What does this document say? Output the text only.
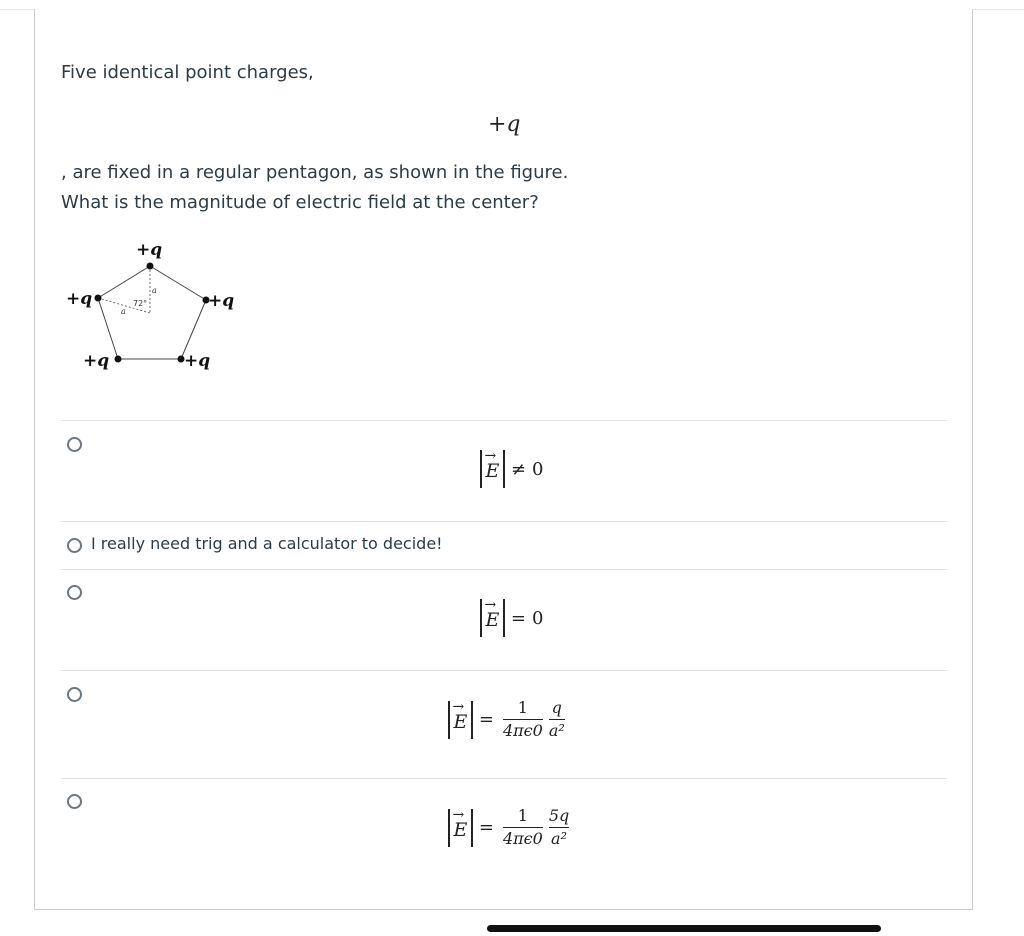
Five identical point charges,
+q
, are fixed in a regular pentagon, as shown in the figure.
What is the magnitude of electric field at the center?
+q
+q
+q
+q
+q	72°
a
a
→
E ≠ 0
I really need trig and a calculator to decide!
→
E = 0
→
$E = \frac{1}{4\pi\epsilon 0} \frac{q}{\text{a²}}$
→
$E = \frac{1}{4\pi\epsilon 0} \frac{5q}{\text{a²}}$
